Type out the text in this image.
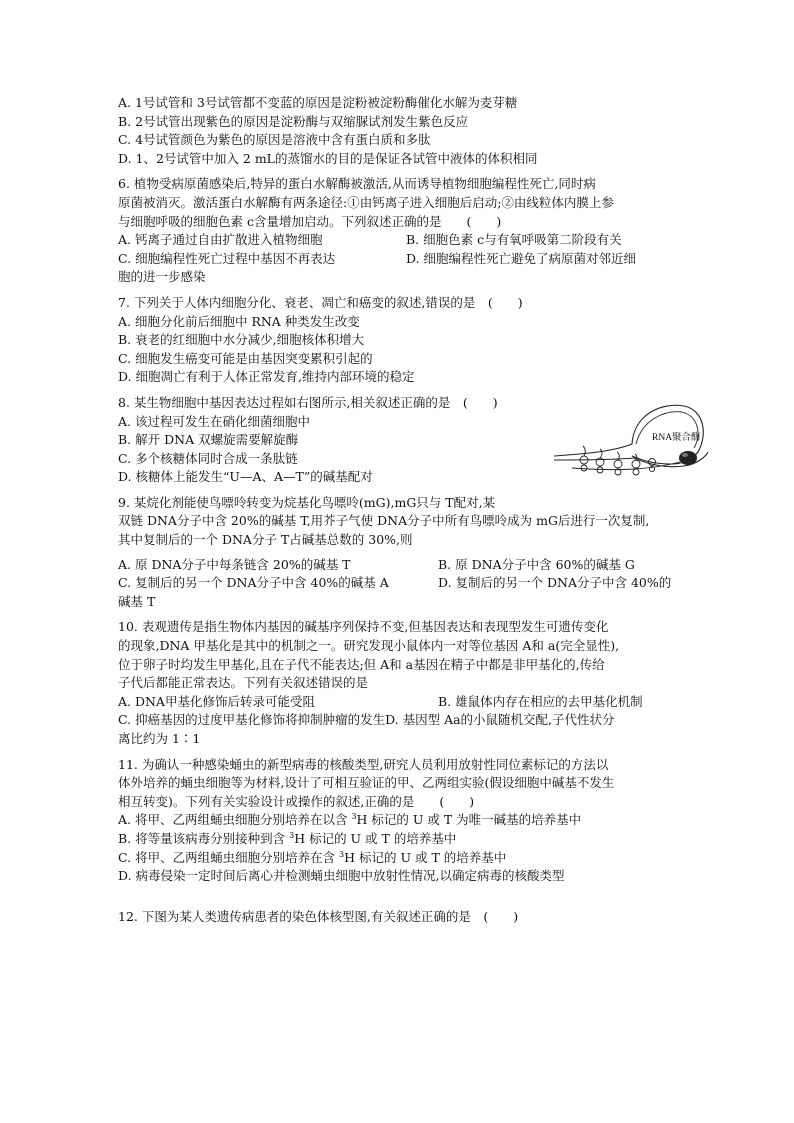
A. 1号试管和 3号试管都不变蓝的原因是淀粉被淀粉酶催化水解为麦芽糖
B. 2号试管出现紫色的原因是淀粉酶与双缩脲试剂发生紫色反应
C. 4号试管颜色为紫色的原因是溶液中含有蛋白质和多肽
D. 1、2号试管中加入 2 mL的蒸馏水的目的是保证各试管中液体的体积相同
6. 植物受病原菌感染后,特异的蛋白水解酶被激活,从而诱导植物细胞编程性死亡,同时病
原菌被消灭。激活蛋白水解酶有两条途径:①由钙离子进入细胞后启动;②由线粒体内膜上参
与细胞呼吸的细胞色素 c含量增加启动。下列叙述正确的是　　(　　)
A. 钙离子通过自由扩散进入植物细胞	B. 细胞色素 c与有氧呼吸第二阶段有关
C. 细胞编程性死亡过程中基因不再表达	D. 细胞编程性死亡避免了病原菌对邻近细
胞的进一步感染
7. 下列关于人体内细胞分化、衰老、凋亡和癌变的叙述,错误的是　(　　)
A. 细胞分化前后细胞中 RNA 种类发生改变
B. 衰老的红细胞中水分减少,细胞核体积增大
C. 细胞发生癌变可能是由基因突变累积引起的
D. 细胞凋亡有利于人体正常发育,维持内部环境的稳定
8. 某生物细胞中基因表达过程如右图所示,相关叙述正确的是　(　　)
A. 该过程可发生在硝化细菌细胞中
B. 解开 DNA 双螺旋需要解旋酶
C. 多个核糖体同时合成一条肽链
D. 核糖体上能发生“U—A、A—T”的碱基配对
RNA聚合酶
9. 某烷化剂能使鸟嘌呤转变为烷基化鸟嘌呤(mG),mG只与 T配对,某
双链 DNA分子中含 20%的碱基 T,用芥子气使 DNA分子中所有鸟嘌呤成为 mG后进行一次复制,
其中复制后的一个 DNA分子 T占碱基总数的 30%,则
A. 原 DNA分子中每条链含 20%的碱基 T	B. 原 DNA分子中含 60%的碱基 G
C. 复制后的另一个 DNA分子中含 40%的碱基 A	D. 复制后的另一个 DNA分子中含 40%的
碱基 T
10. 表观遗传是指生物体内基因的碱基序列保持不变,但基因表达和表现型发生可遗传变化
的现象,DNA 甲基化是其中的机制之一。研究发现小鼠体内一对等位基因 A和 a(完全显性),
位于卵子时均发生甲基化,且在子代不能表达;但 A和 a基因在精子中都是非甲基化的,传给
子代后都能正常表达。下列有关叙述错误的是
A. DNA甲基化修饰后转录可能受阻	B. 雄鼠体内存在相应的去甲基化机制
C. 抑癌基因的过度甲基化修饰将抑制肿瘤的发生 D. 基因型 Aa的小鼠随机交配,子代性状分
离比约为 1∶1
11. 为确认一种感染蛹虫的新型病毒的核酸类型,研究人员利用放射性同位素标记的方法以
体外培养的蛹虫细胞等为材料,设计了可相互验证的甲、乙两组实验(假设细胞中碱基不发生
相互转变)。下列有关实验设计或操作的叙述,正确的是　　(　　)
A. 将甲、乙两组蛹虫细胞分别培养在以含 $^3$H 标记的 U 或 T 为唯一碱基的培养基中
B. 将等量该病毒分别接种到含 $^3$H 标记的 U 或 T 的培养基中
C. 将甲、乙两组蛹虫细胞分别培养在含 $^3$H 标记的 U 或 T 的培养基中
D. 病毒侵染一定时间后离心并检测蛹虫细胞中放射性情况,以确定病毒的核酸类型
12. 下图为某人类遗传病患者的染色体核型图,有关叙述正确的是　(　　)
